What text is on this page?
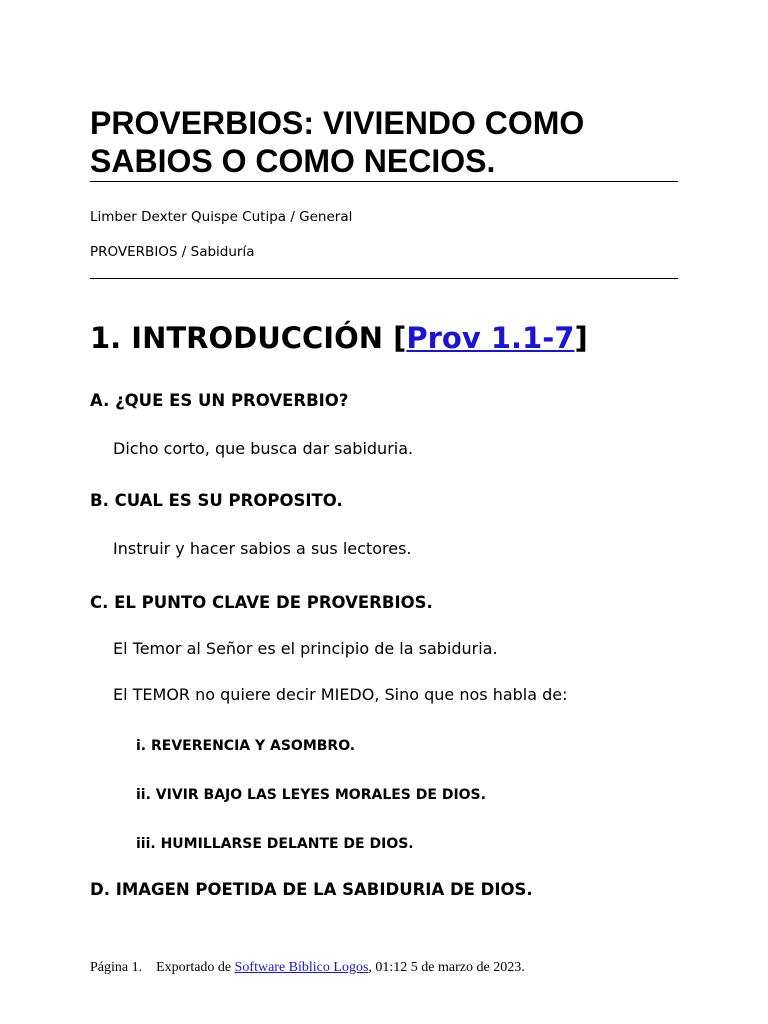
PROVERBIOS: VIVIENDO COMO SABIOS O COMO NECIOS.

Limber Dexter Quispe Cutipa / General

PROVERBIOS / Sabiduría

1. INTRODUCCIÓN [Prov 1.1-7]
A. ¿QUE ES UN PROVERBIO?

Dicho corto, que busca dar sabiduria.

B. CUAL ES SU PROPOSITO.

Instruir y hacer sabios a sus lectores.

C. EL PUNTO CLAVE DE PROVERBIOS.

El Temor al Señor es el principio de la sabiduria.

El TEMOR no quiere decir MIEDO, Sino que nos habla de:

i. REVERENCIA Y ASOMBRO.
ii. VIVIR BAJO LAS LEYES MORALES DE DIOS.
iii. HUMILLARSE DELANTE DE DIOS.
D. IMAGEN POETIDA DE LA SABIDURIA DE DIOS.

Página 1. Exportado de Software Bíblico Logos, 01:12 5 de marzo de 2023.
